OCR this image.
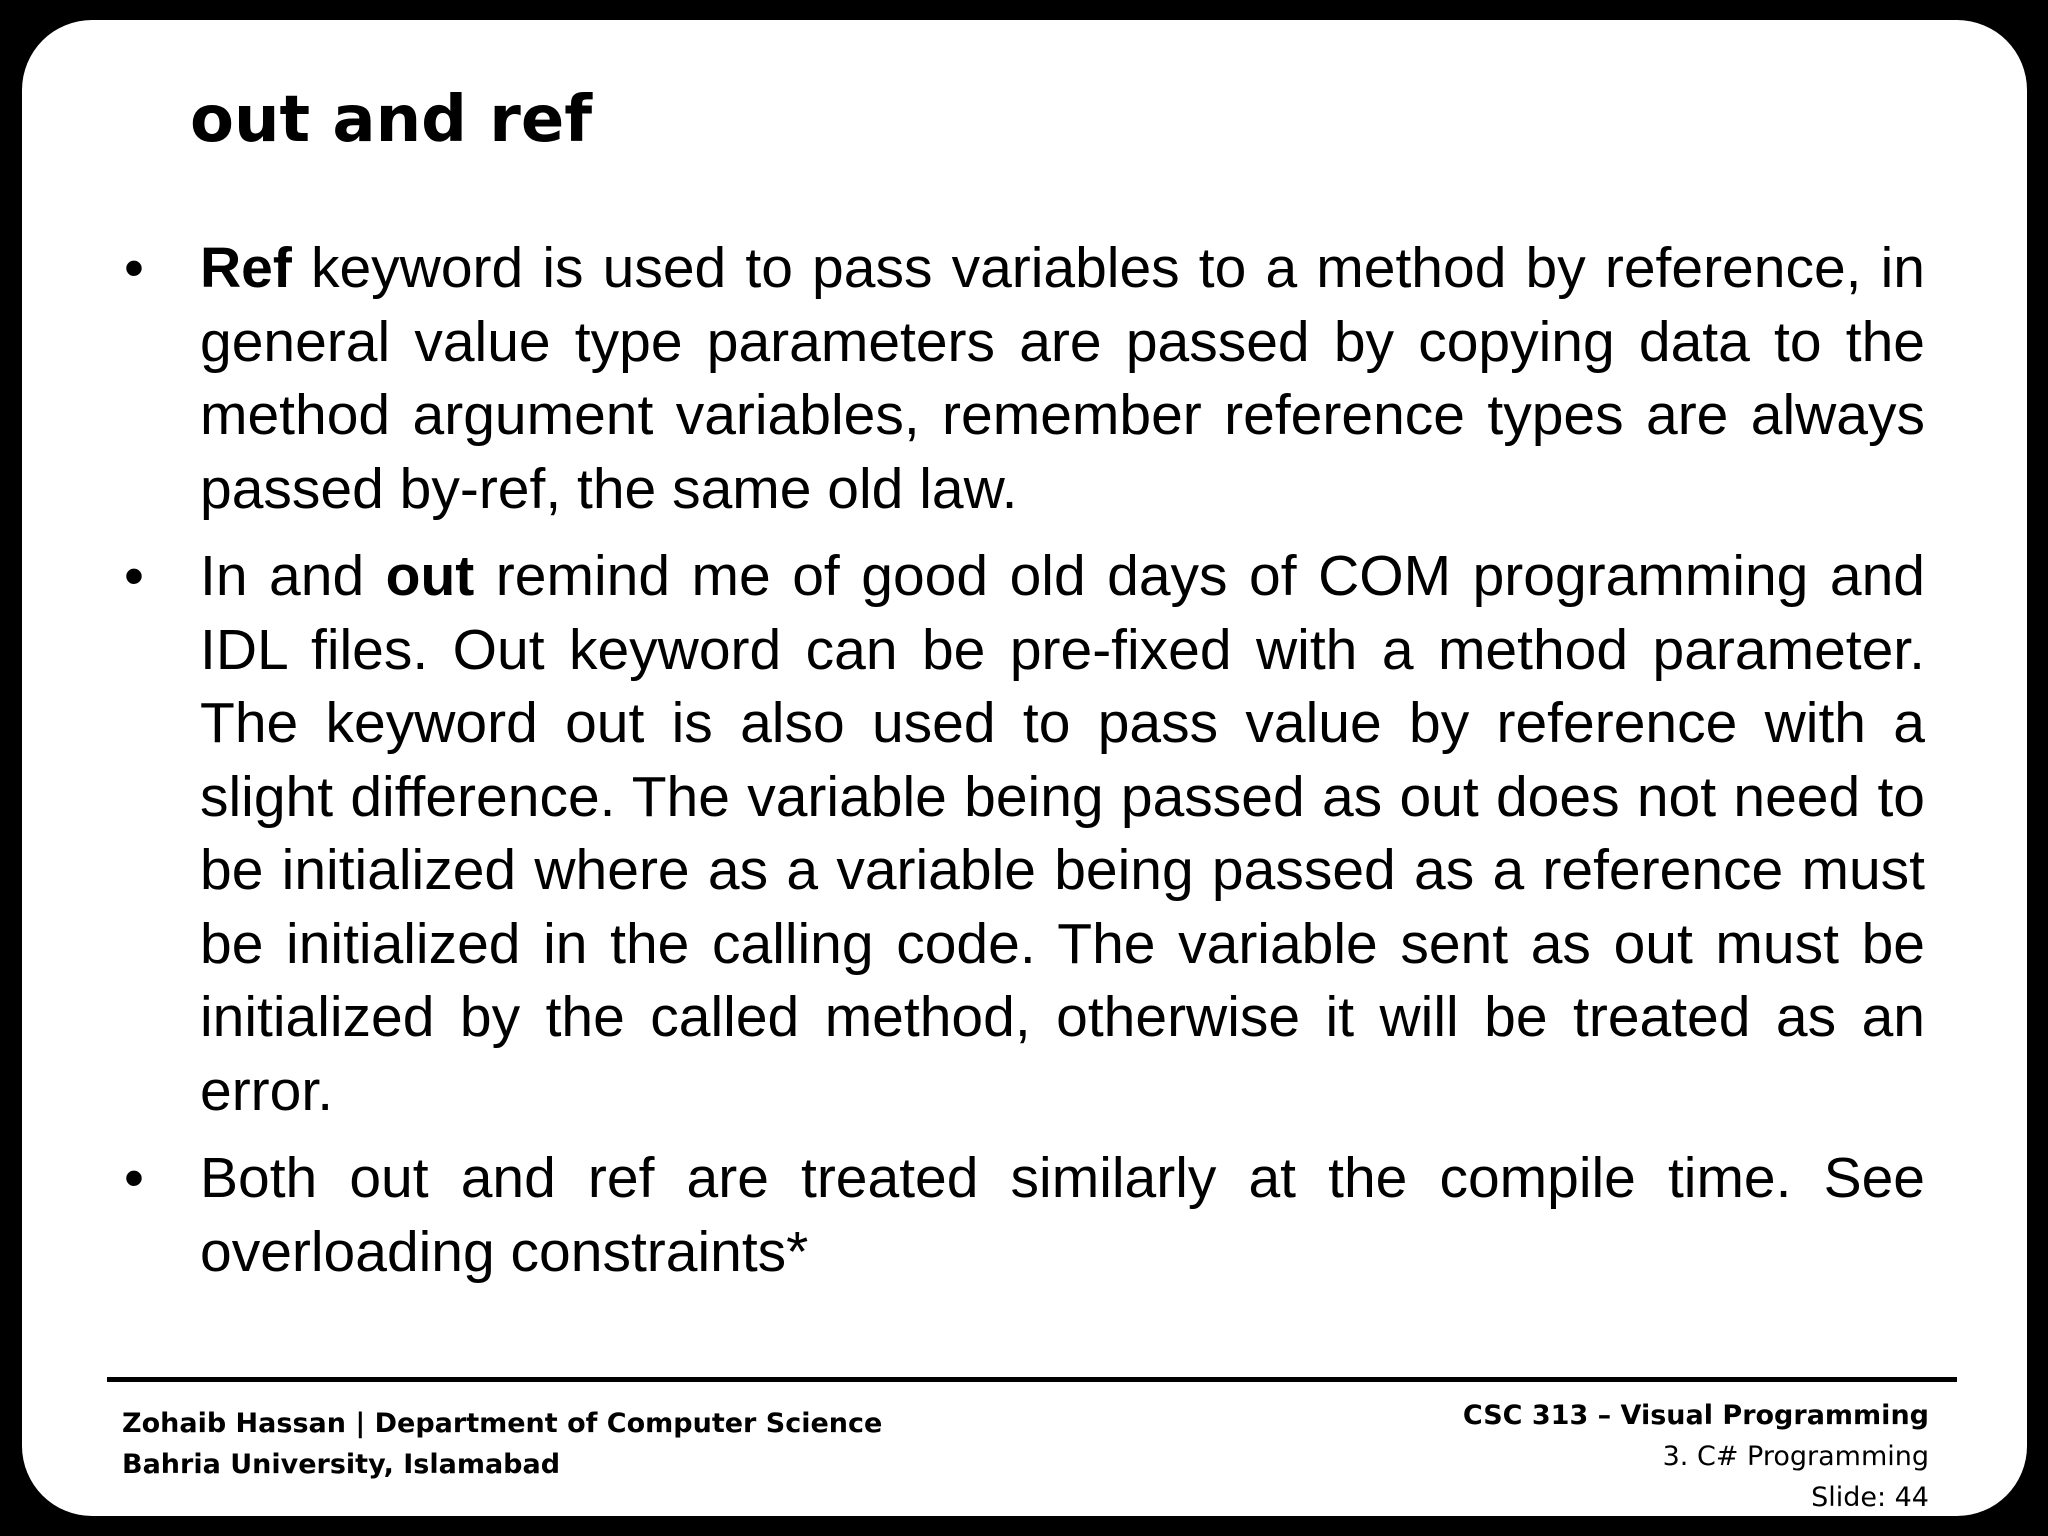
out and ref
• Ref keyword is used to pass variables to a method by reference, in general value type parameters are passed by copying data to the method argument variables, remember reference types are always passed by-ref, the same old law.
• In and out remind me of good old days of COM programming and IDL files. Out keyword can be pre-fixed with a method parameter. The keyword out is also used to pass value by reference with a slight difference. The variable being passed as out does not need to be initialized where as a variable being passed as a reference must be initialized in the calling code. The variable sent as out must be initialized by the called method, otherwise it will be treated as an error.
• Both out and ref are treated similarly at the compile time. See overloading constraints*
Zohaib Hassan | Department of Computer Science
Bahria University, Islamabad
CSC 313 – Visual Programming
3. C# Programming
Slide: 44
